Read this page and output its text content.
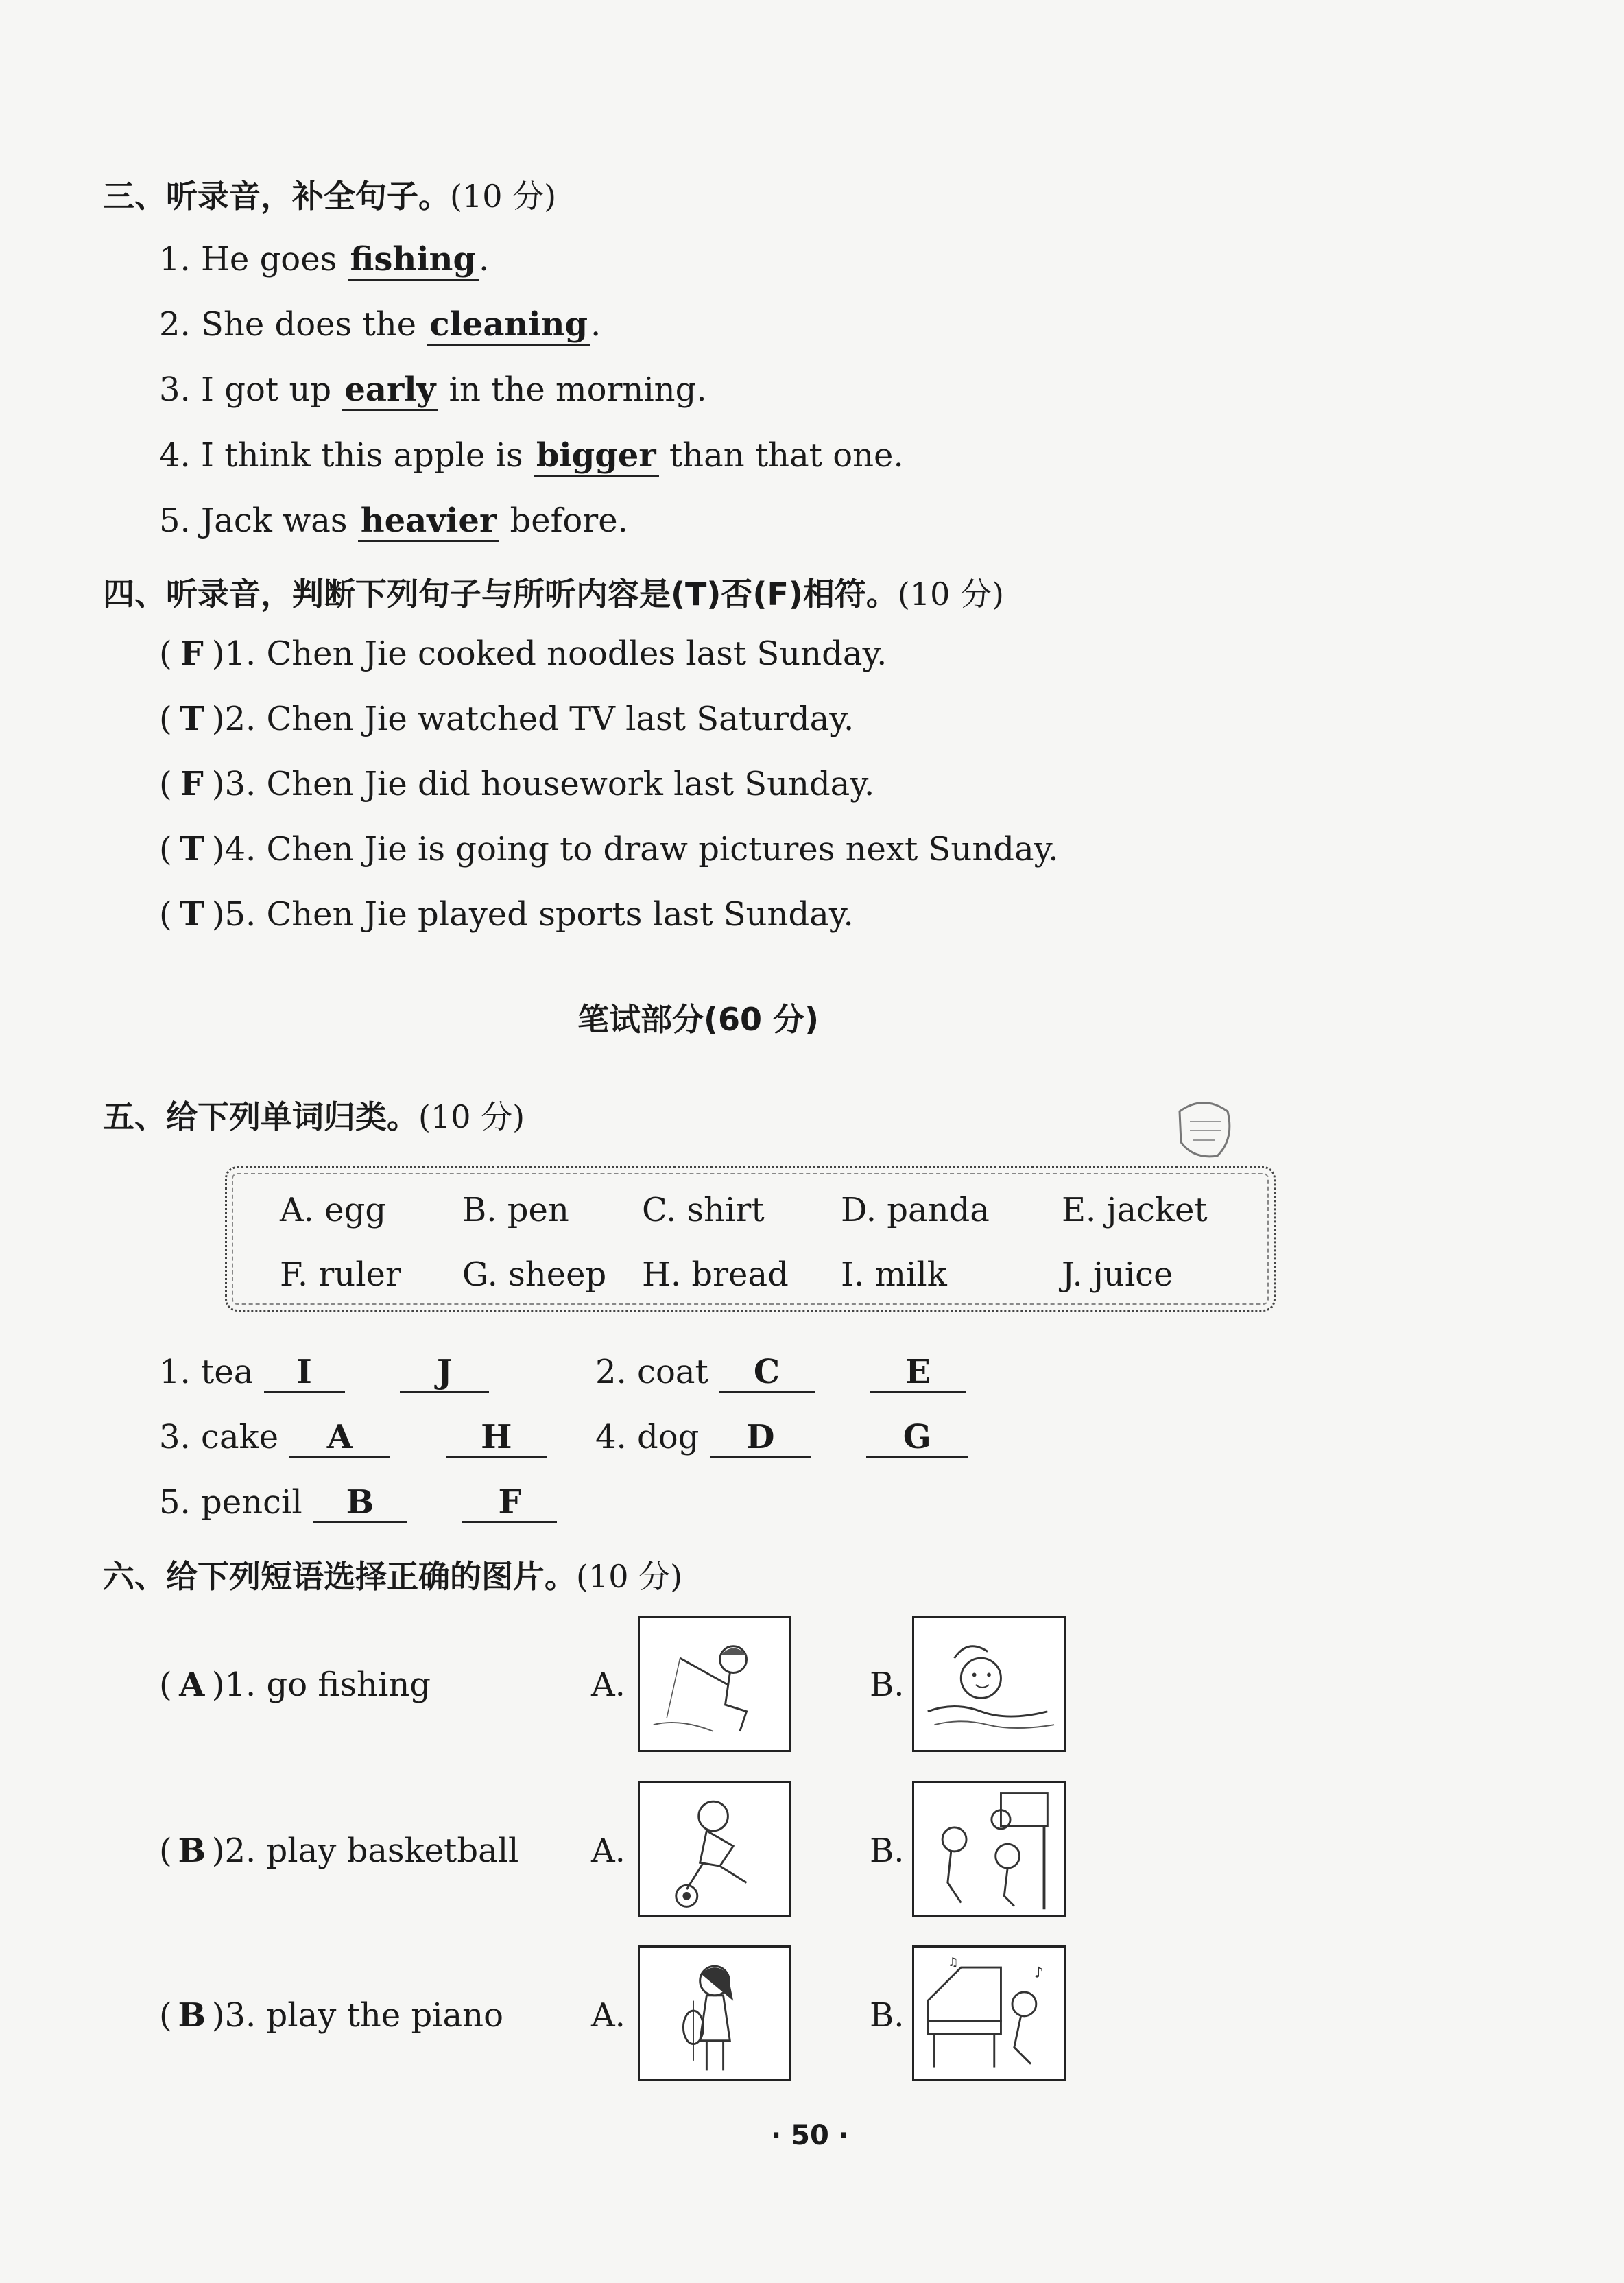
三、听录音，补全句子。(10 分)
1. He goes fishing.
2. She does the cleaning.
3. I got up early in the morning.
4. I think this apple is bigger than that one.
5. Jack was heavier before.
四、听录音，判断下列句子与所听内容是(T)否(F)相符。(10 分)
( F )1. Chen Jie cooked noodles last Sunday.
( T )2. Chen Jie watched TV last Saturday.
( F )3. Chen Jie did housework last Sunday.
( T )4. Chen Jie is going to draw pictures next Sunday.
( T )5. Chen Jie played sports last Sunday.
笔试部分(60 分)
五、给下列单词归类。(10 分)
A. egg B. pen C. shirt D. panda E. jacket
F. ruler G. sheep H. bread I. milk	J. juice
1. tea I	J	2. coat C	E
3. cake A	H	4. dog D	G
5. pencil B	F
六、给下列短语选择正确的图片。(10 分)
( A )1. go fishing	A.	B.
( B )2. play basketball A.	B.
( B )3. play the piano	A.	B.
♪
♫
· 50 ·
